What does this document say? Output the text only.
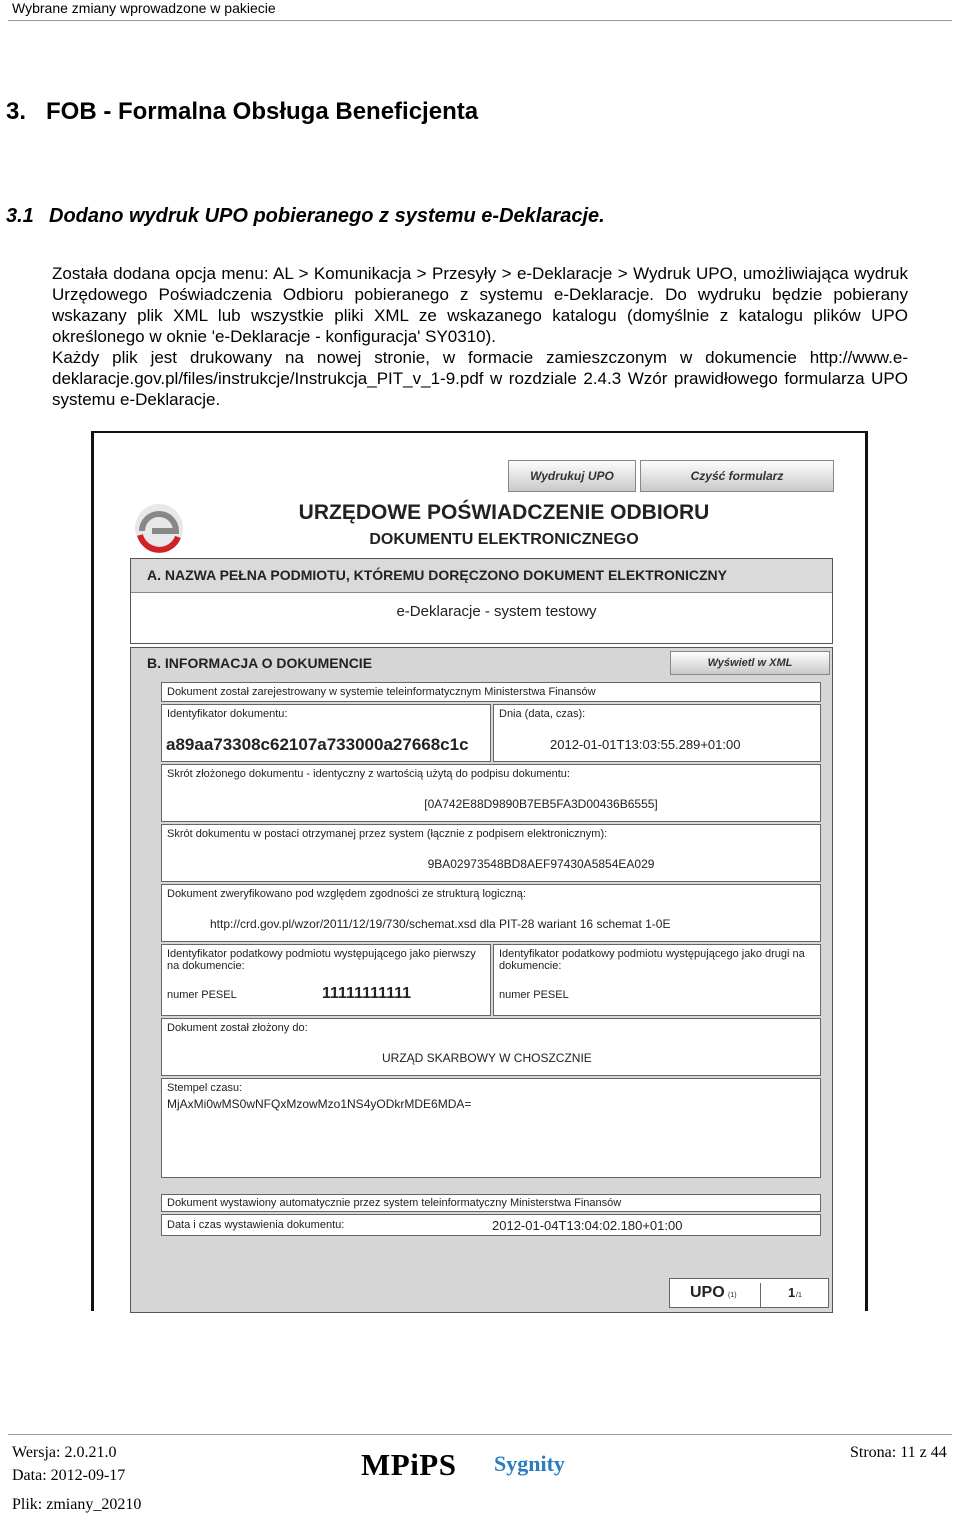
Wybrane zmiany wprowadzone w pakiecie
3. FOB - Formalna Obsługa Beneficjenta
3.1 Dodano wydruk UPO pobieranego z systemu e-Deklaracje.

Została dodana opcja menu: AL > Komunikacja > Przesyły > e-Deklaracje > Wydruk UPO, umożliwiająca wydruk Urzędowego Poświadczenia Odbioru pobieranego z systemu e-Deklaracje. Do wydruku będzie pobierany wskazany plik XML lub wszystkie pliki XML ze wskazanego katalogu (domyślnie z katalogu plików UPO określonego w oknie 'e-Deklaracje - konfiguracja' SY0310).

Każdy plik jest drukowany na nowej stronie, w formacie zamieszczonym w dokumencie http://www.e-deklaracje.gov.pl/files/instrukcje/Instrukcja_PIT_v_1-9.pdf w rozdziale 2.4.3 Wzór prawidłowego formularza UPO systemu e-Deklaracje.

Wydrukuj UPO	Czyść formularz
URZĘDOWE POŚWIADCZENIE ODBIORU
DOKUMENTU ELEKTRONICZNEGO
A. NAZWA PEŁNA PODMIOTU, KTÓREMU DORĘCZONO DOKUMENT ELEKTRONICZNY
e-Deklaracje - system testowy
B. INFORMACJA O DOKUMENCIE	Wyświetl w XML
Dokument został zarejestrowany w systemie teleinformatycznym Ministerstwa Finansów
Identyfikator dokumentu:
a89aa73308c62107a733000a27668c1c
Dnia (data, czas):
2012-01-01T13:03:55.289+01:00
Skrót złożonego dokumentu - identyczny z wartością użytą do podpisu dokumentu:
[0A742E88D9890B7EB5FA3D00436B6555]
Skrót dokumentu w postaci otrzymanej przez system (łącznie z podpisem elektronicznym):
9BA02973548BD8AEF97430A5854EA029
Dokument zweryfikowano pod względem zgodności ze strukturą logiczną:
http://crd.gov.pl/wzor/2011/12/19/730/schemat.xsd dla PIT-28 wariant 16 schemat 1-0E
Identyfikator podatkowy podmiotu występującego jako pierwszy na dokumencie:
numer PESEL	11111111111
Identyfikator podatkowy podmiotu występującego jako drugi na dokumencie:
numer PESEL
Dokument został złożony do:
URZĄD SKARBOWY W CHOSZCZNIE
Stempel czasu:
MjAxMi0wMS0wNFQxMzowMzo1NS4yODkrMDE6MDA=
Dokument wystawiony automatycznie przez system teleinformatyczny Ministerstwa Finansów
Data i czas wystawienia dokumentu:	2012-01-04T13:04:02.180+01:00
UPO (1)	1 /1
Wersja: 2.0.21.0
Data: 2012-09-17
Plik: zmiany_20210
MPiPS Sygnity	Strona: 11 z 44
